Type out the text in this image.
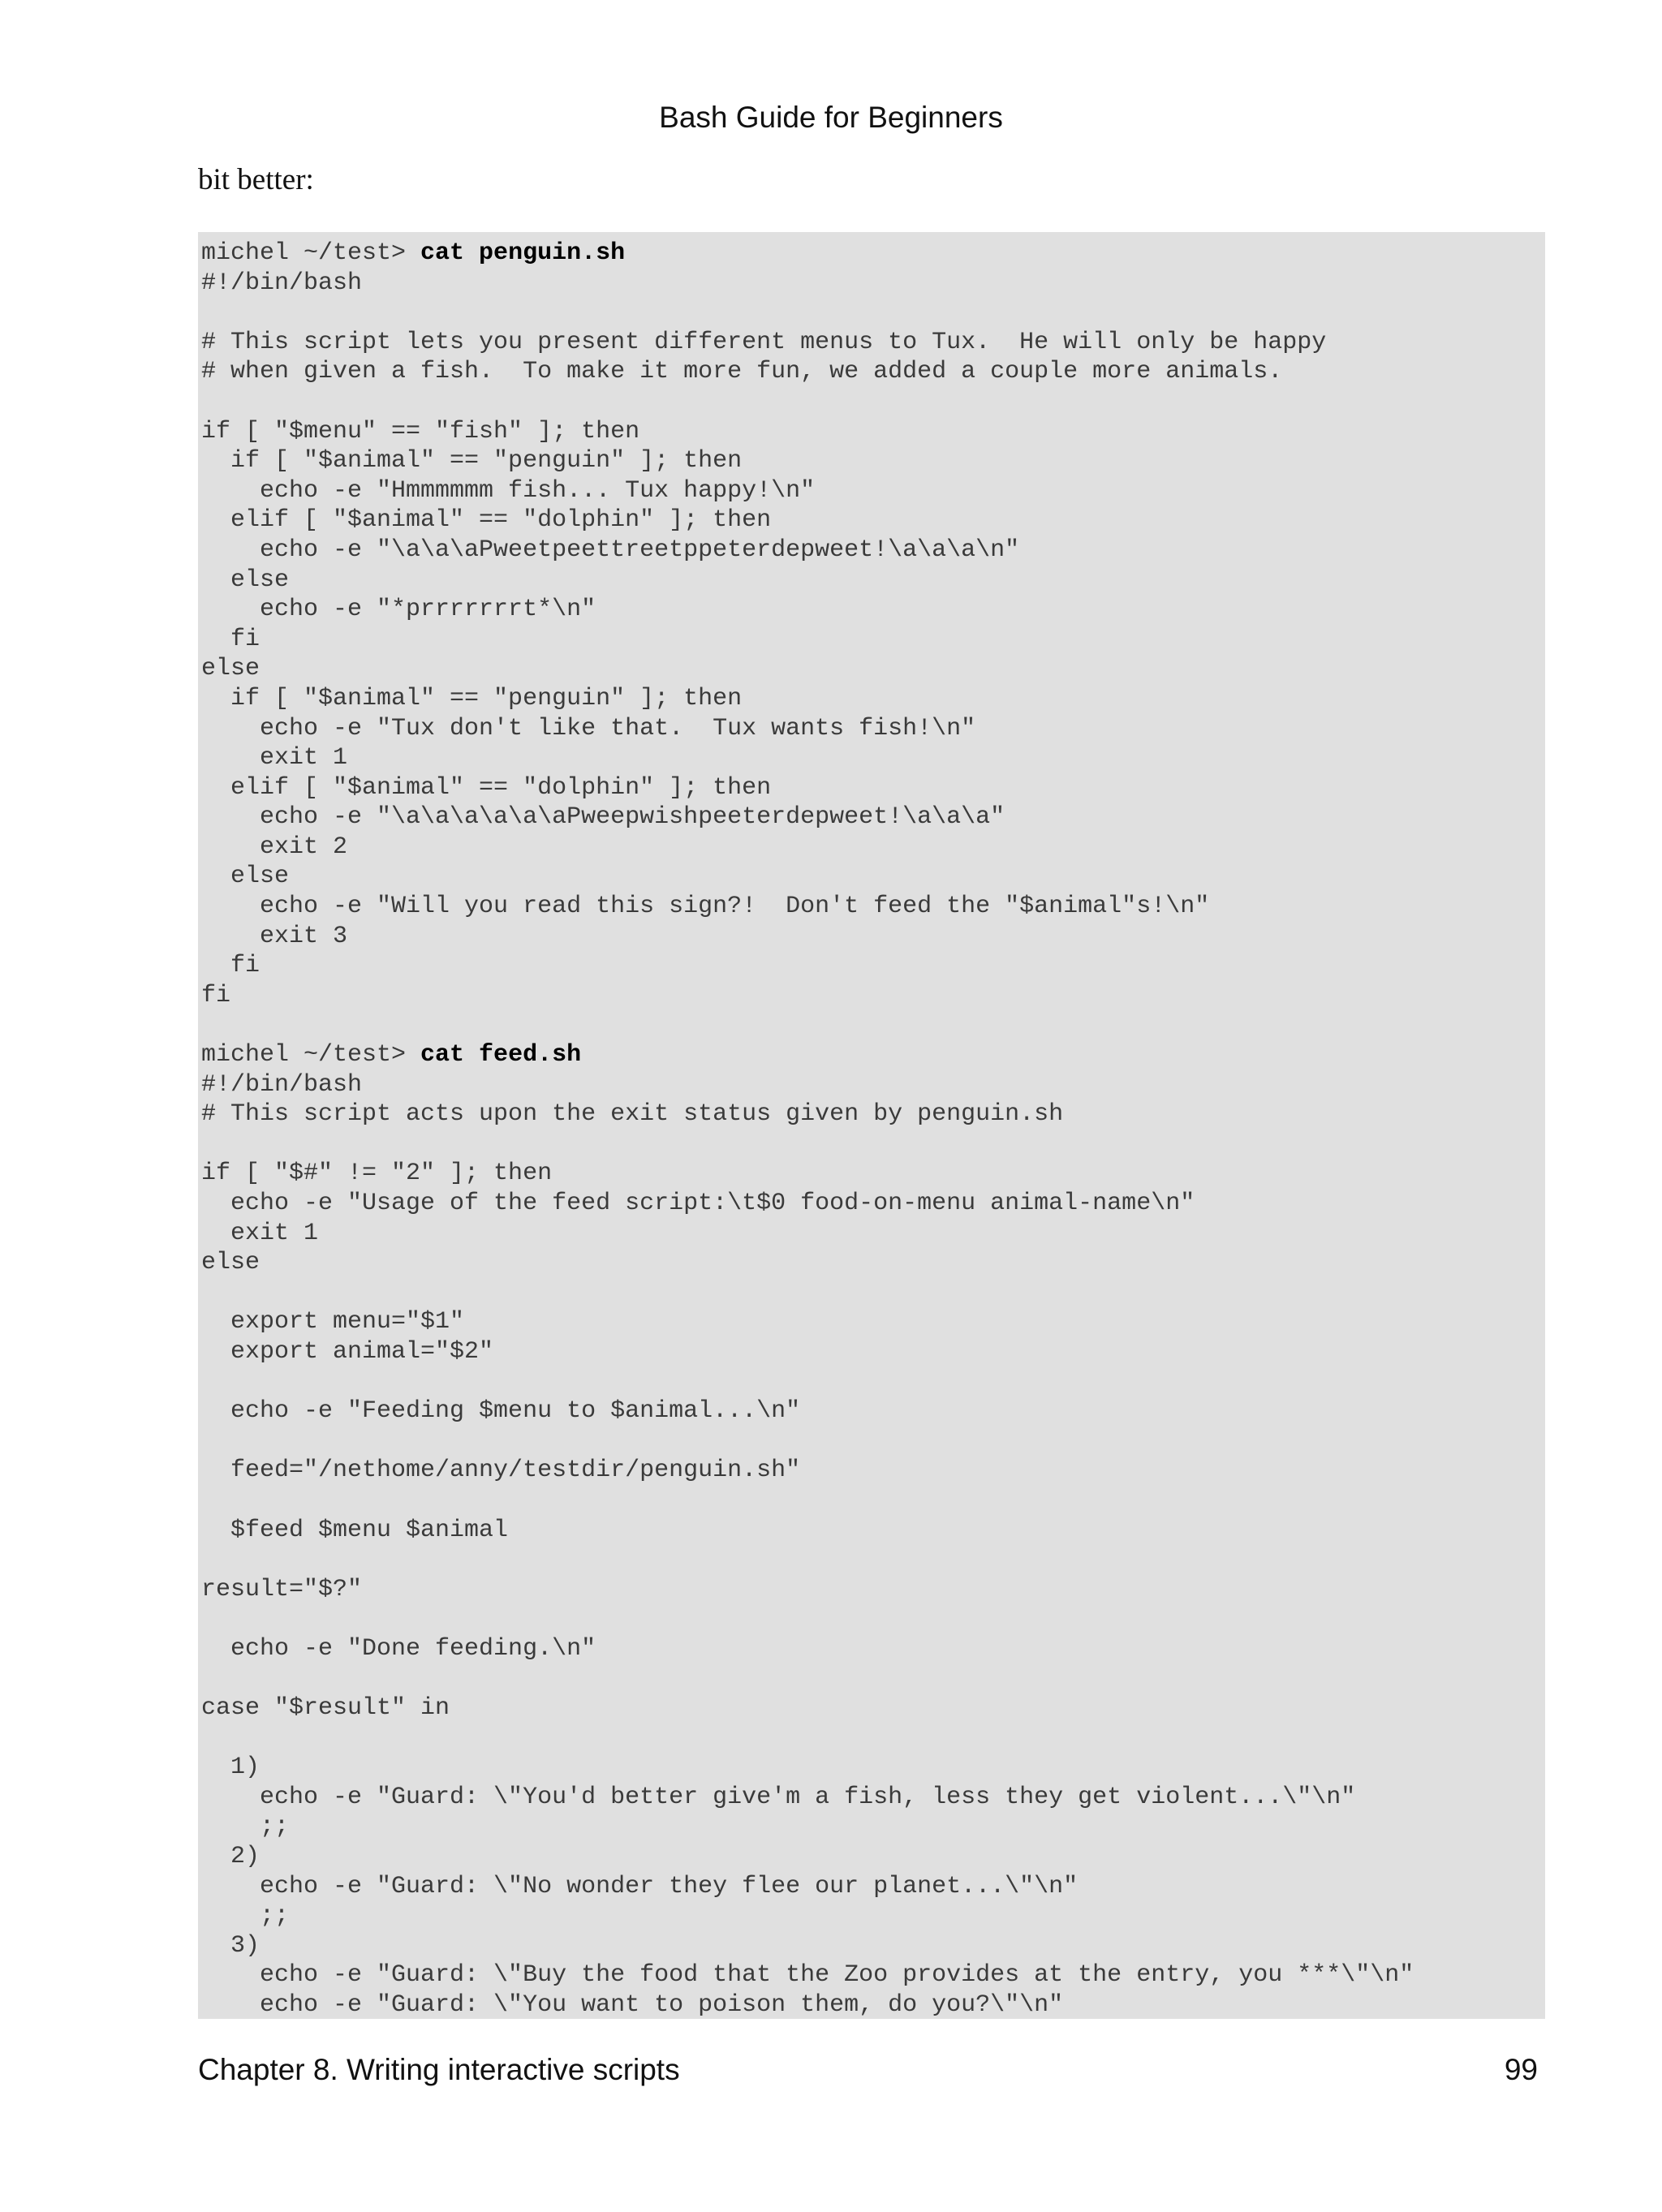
Bash Guide for Beginners
bit better:
michel ~/test> cat penguin.sh
#!/bin/bash
# This script lets you present different menus to Tux.  He will only be happy
# when given a fish.  To make it more fun, we added a couple more animals.
if [ "$menu" == "fish" ]; then
if [ "$animal" == "penguin" ]; then
echo -e "Hmmmmmm fish... Tux happy!\n"
elif [ "$animal" == "dolphin" ]; then
echo -e "\a\a\aPweetpeettreetppeterdepweet!\a\a\a\n"
else
echo -e "*prrrrrrrt*\n"
fi
else
if [ "$animal" == "penguin" ]; then
echo -e "Tux don't like that.  Tux wants fish!\n"
exit 1
elif [ "$animal" == "dolphin" ]; then
echo -e "\a\a\a\a\a\aPweepwishpeeterdepweet!\a\a\a"
exit 2
else
echo -e "Will you read this sign?!  Don't feed the "$animal"s!\n"
exit 3
fi
fi
michel ~/test> cat feed.sh
#!/bin/bash
# This script acts upon the exit status given by penguin.sh
if [ "$#" != "2" ]; then
echo -e "Usage of the feed script:\t$0 food-on-menu animal-name\n"
exit 1
else
export menu="$1"
export animal="$2"
echo -e "Feeding $menu to $animal...\n"
feed="/nethome/anny/testdir/penguin.sh"
$feed $menu $animal
result="$?"
echo -e "Done feeding.\n"
case "$result" in
1)
echo -e "Guard: \"You'd better give'm a fish, less they get violent...\"\n"
;;
2)
echo -e "Guard: \"No wonder they flee our planet...\"\n"
;;
3)
echo -e "Guard: \"Buy the food that the Zoo provides at the entry, you ***\"\n"
echo -e "Guard: \"You want to poison them, do you?\"\n"
Chapter 8. Writing interactive scripts	99
